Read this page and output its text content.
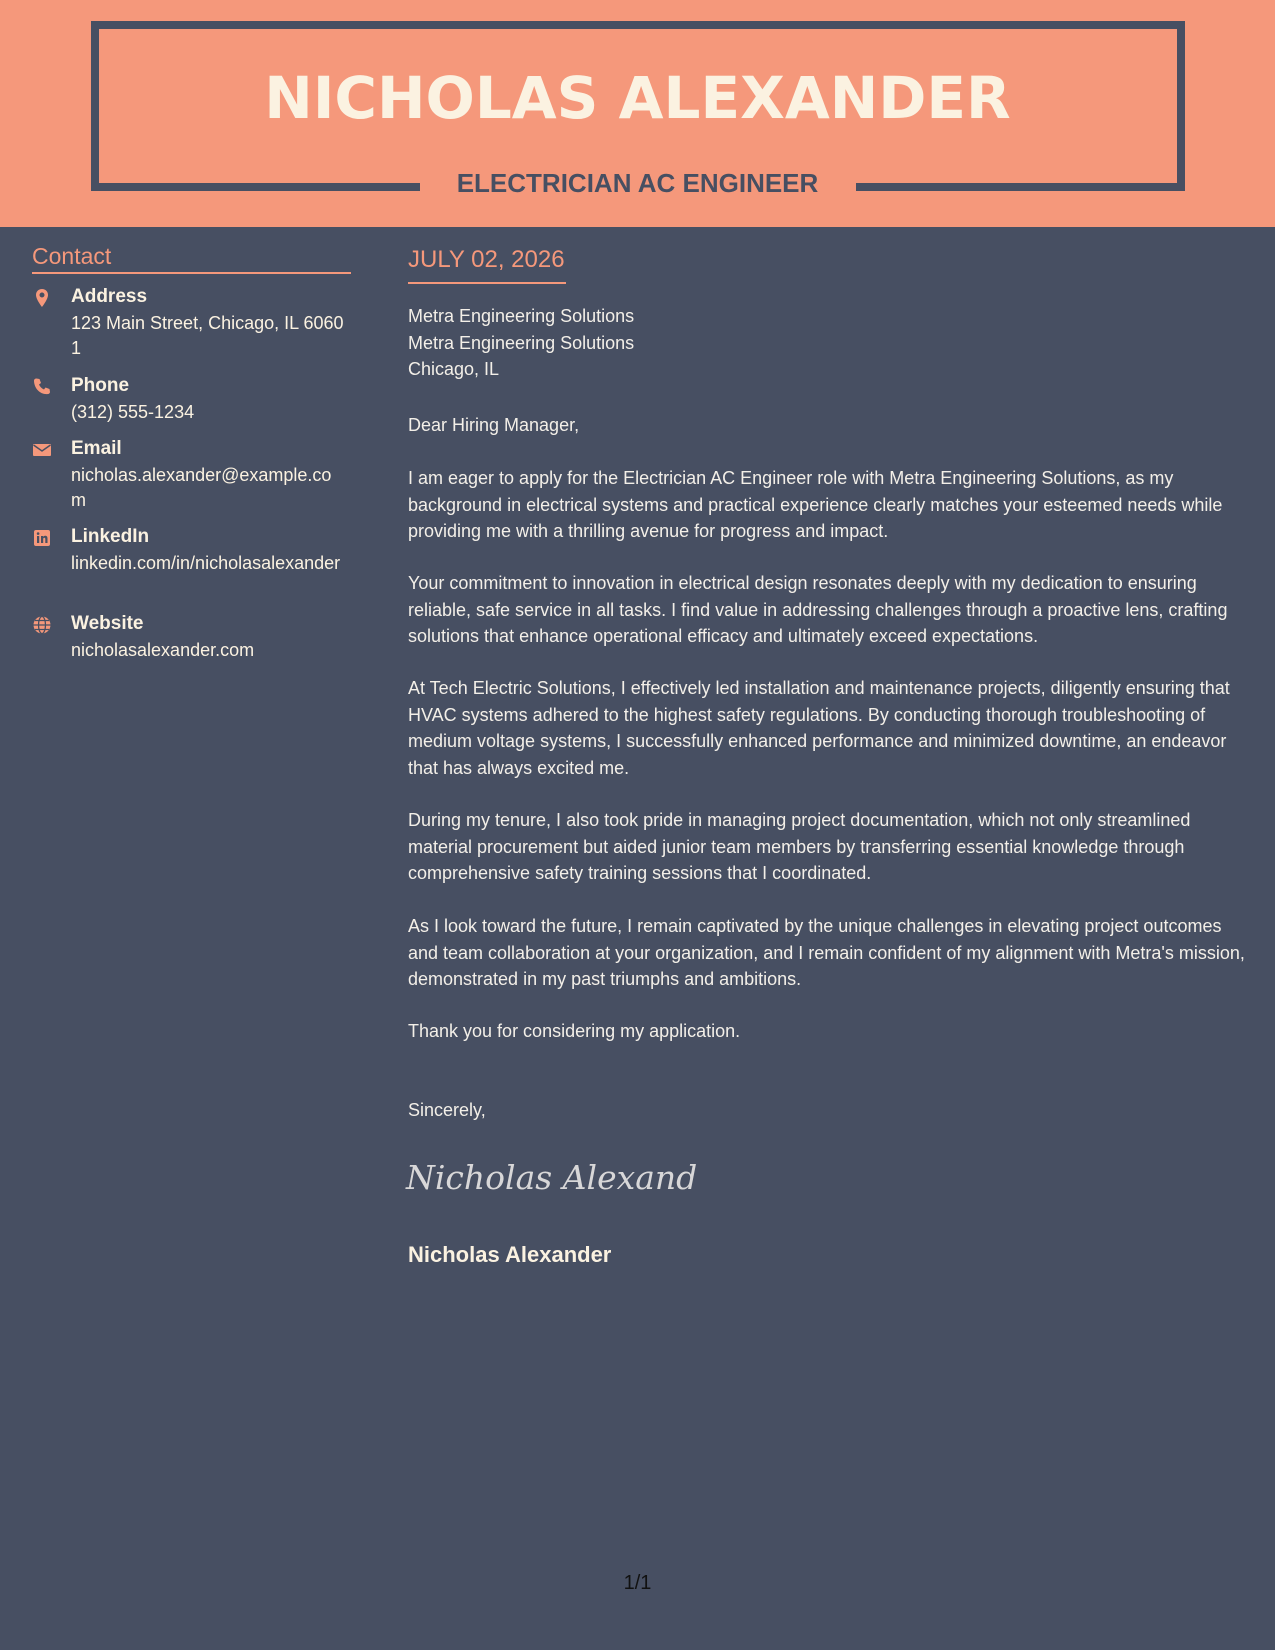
NICHOLAS ALEXANDER
ELECTRICIAN AC ENGINEER
Contact
Address
123 Main Street, Chicago, IL 60601
Phone
(312) 555-1234
Email
nicholas.alexander@example.com
LinkedIn
linkedin.com/in/nicholasalexander
Website
nicholasalexander.com
JULY 02, 2026
Metra Engineering Solutions
Metra Engineering Solutions
Chicago, IL
Dear Hiring Manager,
I am eager to apply for the Electrician AC Engineer role with Metra Engineering Solutions, as my background in electrical systems and practical experience clearly matches your esteemed needs while providing me with a thrilling avenue for progress and impact.
Your commitment to innovation in electrical design resonates deeply with my dedication to ensuring reliable, safe service in all tasks. I find value in addressing challenges through a proactive lens, crafting solutions that enhance operational efficacy and ultimately exceed expectations.
At Tech Electric Solutions, I effectively led installation and maintenance projects, diligently ensuring that HVAC systems adhered to the highest safety regulations. By conducting thorough troubleshooting of medium voltage systems, I successfully enhanced performance and minimized downtime, an endeavor that has always excited me.
During my tenure, I also took pride in managing project documentation, which not only streamlined material procurement but aided junior team members by transferring essential knowledge through comprehensive safety training sessions that I coordinated.
As I look toward the future, I remain captivated by the unique challenges in elevating project outcomes and team collaboration at your organization, and I remain confident of my alignment with Metra's mission, demonstrated in my past triumphs and ambitions.
Thank you for considering my application.
Sincerely,
Nicholas Alexand
Nicholas Alexander
1/1
